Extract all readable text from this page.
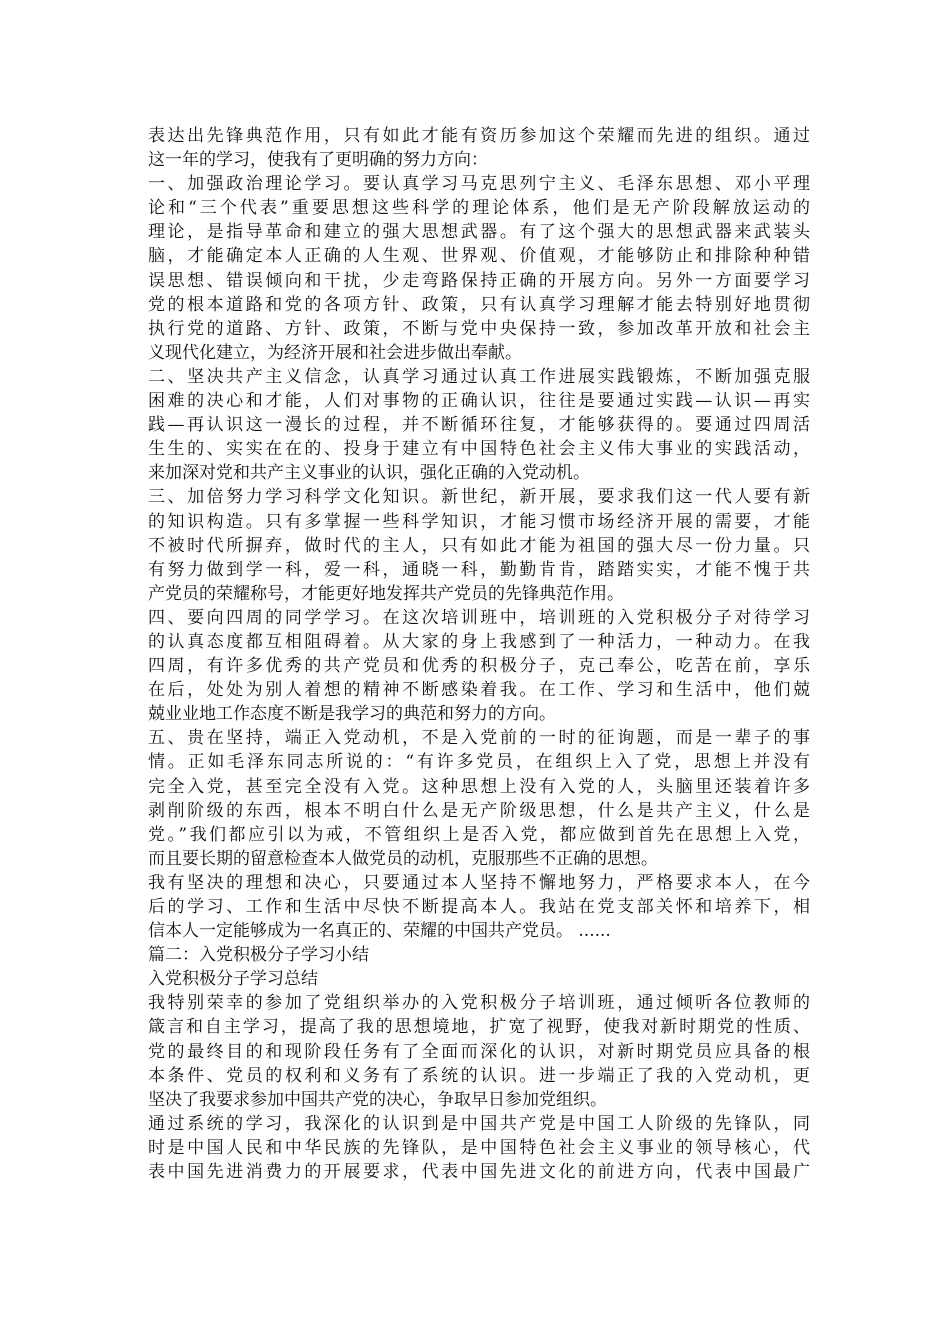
表达出先锋典范作用，只有如此才能有资历参加这个荣耀而先进的组织。通过
这一年的学习，使我有了更明确的努力方向：
一、加强政治理论学习。要认真学习马克思列宁主义、毛泽东思想、邓小平理
论和“三个代表”重要思想这些科学的理论体系，他们是无产阶段解放运动的
理论，是指导革命和建立的强大思想武器。有了这个强大的思想武器来武装头
脑，才能确定本人正确的人生观、世界观、价值观，才能够防止和排除种种错
误思想、错误倾向和干扰，少走弯路保持正确的开展方向。另外一方面要学习
党的根本道路和党的各项方针、政策，只有认真学习理解才能去特别好地贯彻
执行党的道路、方针、政策，不断与党中央保持一致，参加改革开放和社会主
义现代化建立，为经济开展和社会进步做出奉献。
二、坚决共产主义信念，认真学习通过认真工作进展实践锻炼，不断加强克服
困难的决心和才能，人们对事物的正确认识，往往是要通过实践—认识—再实
践—再认识这一漫长的过程，并不断循环往复，才能够获得的。要通过四周活
生生的、实实在在的、投身于建立有中国特色社会主义伟大事业的实践活动，
来加深对党和共产主义事业的认识，强化正确的入党动机。
三、加倍努力学习科学文化知识。新世纪，新开展，要求我们这一代人要有新
的知识构造。只有多掌握一些科学知识，才能习惯市场经济开展的需要，才能
不被时代所摒弃，做时代的主人，只有如此才能为祖国的强大尽一份力量。只
有努力做到学一科，爱一科，通晓一科，勤勤肯肯，踏踏实实，才能不愧于共
产党员的荣耀称号，才能更好地发挥共产党员的先锋典范作用。
四、要向四周的同学学习。在这次培训班中，培训班的入党积极分子对待学习
的认真态度都互相阻碍着。从大家的身上我感到了一种活力，一种动力。在我
四周，有许多优秀的共产党员和优秀的积极分子，克己奉公，吃苦在前，享乐
在后，处处为别人着想的精神不断感染着我。在工作、学习和生活中，他们兢
兢业业地工作态度不断是我学习的典范和努力的方向。
五、贵在坚持，端正入党动机，不是入党前的一时的征询题，而是一辈子的事
情。正如毛泽东同志所说的：“有许多党员，在组织上入了党，思想上并没有
完全入党，甚至完全没有入党。这种思想上没有入党的人，头脑里还装着许多
剥削阶级的东西，根本不明白什么是无产阶级思想，什么是共产主义，什么是
党。”我们都应引以为戒，不管组织上是否入党，都应做到首先在思想上入党，
而且要长期的留意检查本人做党员的动机，克服那些不正确的思想。
我有坚决的理想和决心，只要通过本人坚持不懈地努力，严格要求本人，在今
后的学习、工作和生活中尽快不断提高本人。我站在党支部关怀和培养下，相
信本人一定能够成为一名真正的、荣耀的中国共产党员。 ......
篇二：入党积极分子学习小结
入党积极分子学习总结
我特别荣幸的参加了党组织举办的入党积极分子培训班，通过倾听各位教师的
箴言和自主学习，提高了我的思想境地，扩宽了视野，使我对新时期党的性质、
党的最终目的和现阶段任务有了全面而深化的认识，对新时期党员应具备的根
本条件、党员的权利和义务有了系统的认识。进一步端正了我的入党动机，更
坚决了我要求参加中国共产党的决心，争取早日参加党组织。
通过系统的学习，我深化的认识到是中国共产党是中国工人阶级的先锋队，同
时是中国人民和中华民族的先锋队，是中国特色社会主义事业的领导核心，代
表中国先进消费力的开展要求，代表中国先进文化的前进方向，代表中国最广
